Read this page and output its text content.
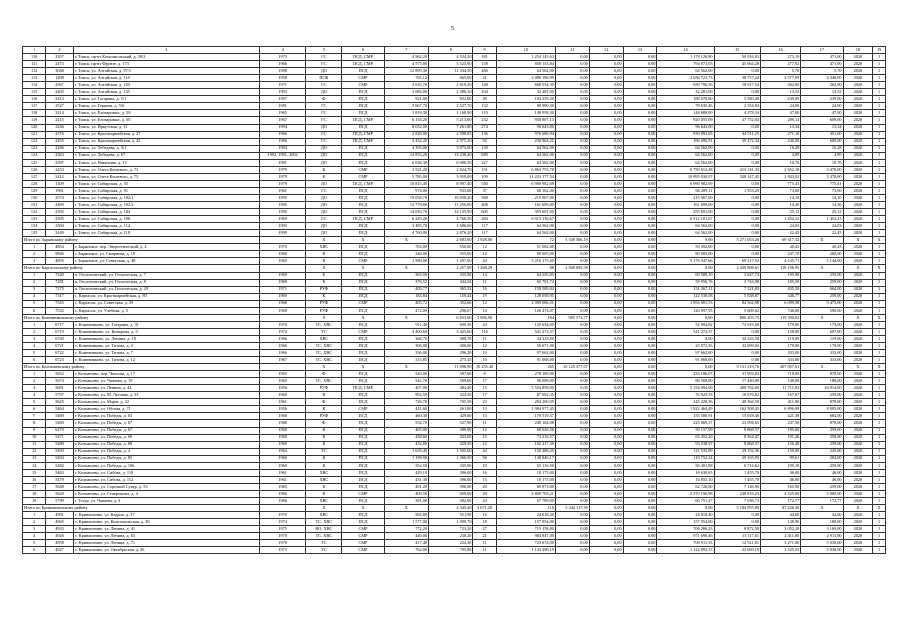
5
1	2	3	4	5	6	7	8	9	10	11	12	13	14	15	16	17	18	19
110	2357	г. Томск, пр-кт Комсомольский, д. 39/2	1973	ГС	ПСД, СМР	4 962,20	4 524,20	181	1 254 145,63	0,00	0,00	0,00	1 178 126,80	50 016,83	273,19	471,00	2020	1
111	2473	г. Томск, пр-кт Фрунзе, д. 173	1966	ГС	ПСД, СМР	4 575,00	3 525,90	158	858 153,84	0,00	0,00	0,00	794 873,05	45 664,28	277,92	471,00	2020	1
112	3048	г. Томск, ул. Алтайская, д. 97/1	1998	ДО	ПСД	12 899,30	11 334,50	466	64 562,00	0,00	0,00	0,00	64 562,00	0,00	5,70	5,70	2020	1
113	1498	г. Томск, ул. Алтайская, д. 114	1958	ПОК	СМР	765,12	665,00	21	2 086 196,99	0,00	0,00	0,00	2 036 723,73	38 757,24	3 577,09	4 346,00	2020	1
114	2567	г. Томск, ул. Алтайская, д. 120	1971	ГС	СМР	3 633,70	2 819,30	148	668 554,30	0,00	0,00	0,00	659 796,56	18 917,54	262,00	262,00	2020	1
115	2405	г. Томск, ул. Алтайская, д. 135	1993	ДО	ПСД	3 084,00	2 386,10	104	32 281,00	0,00	0,00	0,00	32 281,00	0,00	13,52	13,52	2020	1
116	2413	г. Томск, ул. Гагарина, д. 5/1	1907	Ф	ПСД	921,00	832,00	49	194 259,20	0,00	0,00	0,00	188 678,80	5 580,40	239,00	239,00	2020	1
117	2527	г. Томск, ул. Герцена, д. 5/6	1981	ГС	ПСД	3 667,70	2 527,70	132	80 990,30	0,00	0,00	0,00	78 635,46	2 354,84	24,00	24,00	2020	1
118	2414	г. Томск, ул. Елизаровых, д. 58	1965	ГС	ПСД	1 819,30	1 168,90	110	148 958,30	0,00	0,00	0,00	144 680,00	4 278,34	47,00	47,00	2020	1
119	2415	г. Томск, ул. Елизаровых, д. 60	1967	ГС	ПСД, СМР	6 154,20	5 213,00	232	958 807,13	0,00	0,00	0,00	920 055,09	37 752,04	289,12	609,00	2020	1
120	2246	г. Томск, ул. Иркутская, д. 11	1994	ДО	ПСД	8 052,00	7 261,80	274	96 643,00	0,00	0,00	0,00	96 643,00	0,00	13,34	13,34	2020	1
121	2376	г. Томск, ул. Красноармейская, д. 27	1966	ГС	ПСД, СМР	2 820,00	2 598,95	136	976 686,94	0,00	0,00	0,00	930 093,65	44 511,25	271,10	451,00	2020	1
122	2455	г. Томск, ул. Красноармейская, д. 45	1966	ГС	ПСД, СМР	3 432,20	2 975,30	92	236 964,25	0,00	0,00	0,00	196 696,91	39 472,34	246,00	609,00	2020	1
123	2266	г. Томск, ул. Лебедева, д. 3/1	1994	ДО	ПСД	4 395,00	3 975,00	130	64 562,00	0,00	0,00	0,00	64 562,00	0,00	16,28	16,28	2020	1
124	2363	г. Томск, ул. Лебедева, д. 67	1992, 1991, 2002	ДО	ПСД	14 853,20	13 238,40	689	64 562,00	0,00	0,00	0,00	64 562,00	0,00	4,89	4,89	2020	1
125	2397	г. Томск, ул. Никитина, д. 13	1991	ДО	ПСД	6 636,30	6 000,50	227	64 562,00	0,00	0,00	0,00	64 562,00	0,00	10,76	10,76	2020	1
126	2453	г. Томск, ул. Олега Кошевого, д. 73	1979	К	СМР	3 521,20	2 624,70	151	6 863 753,78	0,00	0,00	0,00	6 750 612,48	213 141,33	2 652,18	3 478,00	2020	1
127	2412	г. Томск, ул. Олега Кошевого, д. 75	1979	К	СМР	5 785,00	3 950,00	109	11 223 177,54	0,00	0,00	0,00	10 895 030,07	328 147,45	2 843,02	3 478,00	2020	1
128	1309	г. Томск, ул. Сибирская, д. 55	1979	ДО	ПСД, СМР	10 815,40	8 997,40	540	6 990 982,69	0,00	0,00	0,00	6 990 982,69	0,00	775,41	775,41	2020	1
129	1961	г. Томск, ул. Сибирская, д. 91	1961	ГС	ПСД	974,00	933,60	37	68 162,40	0,00	0,00	0,00	66 209,11	1 953,29	73,00	73,00	2020	1
130	2574	г. Томск, ул. Сибирская, д. 102/1	1995	ДО	ПСД	19 058,70	16 038,20	568	215 967,00	0,00	0,00	0,00	215 967,00	0,00	14,10	14,10	2020	1
131	2469	г. Томск, ул. Сибирская, д. 102/2	1995	ДО	ПСД	13 778,80	11 256,80	408	161 699,00	0,00	0,00	0,00	161 699,00	0,00	14,36	14,36	2020	1
132	2392	г. Томск, ул. Сибирская, д. 104	1995	ДО	ПСД	14 033,70	14 135,90	605	355 691,00	0,00	0,00	0,00	355 691,00	0,00	25,12	25,12	2020	1
133	2395	г. Томск, ул. Сибирская, д. 106	1969	ГС	ПСД, СМР	6 245,20	4 760,50	284	6 913 136,67	0,00	0,00	0,00	6 912 101,67	0,00	1 452,23	1 452,23	2020	1
134	2394	г. Томск, ул. Сибирская, д. 114	1993	ДО	ПСД	3 485,70	2 686,60	117	64 562,00	0,00	0,00	0,00	64 562,00	0,00	24,03	24,03	2020	1
135	2449	г. Томск, ул. Сибирская, д. 118	1999	ДО	ПСД	4 760,00	2 876,20	117	64 562,00	0,00	0,00	0,00	64 562,00	0,00	22,45	22,45	2020	1
Итого по Зырянскому району				X	X	X	2 683,00	1 928,00	72	5 349 566,19	0,00	0,00	0,00	5 271 053,26	69 317,52	X	X	X
1	4854	г. Зырянское, пер. Энергетический, д. 4	1970	ХВС	ПСД	763,00	550,00	12	51 082,00	0,00	0,00	0,00	50 392,00	0,00	40,43	40,43	2020	1
2	9846	г. Зырянское, ул. Смирнова, д. 19	1960	К	ПСД	340,00	355,00	12	80 005,00	0,00	0,00	0,00	80 005,00	0,00	247,70	260,00	2020	1
3	4855	г. Зырянское, ул. Советская, д. 48	1965	К	СМР	1 580,00	1 207,00	44	5 216 175,40	0,00	0,00	0,00	5 176 947,66	69 317,52	4 145,71	5 144,00	2020	1
Итого по Каргасокскому району				X	X	X	2 257,09	1 268,29	88	2 500 095,59	0,00	0,00	0,00	2 439 808,61	118 196,95	X	X	X
1	7240	п. Геологический, ул. Геолоческая, д. 7	1969	Б	ПСД	363,50	335,90	14	64 556,83	0,00	0,00	0,00	60 589,10	3 647,73	195,98	259,00	2020	1
2	7281	п. Геологический, ул. Геолоческая, д. 8	1969	К	ПСД	376,52	344,54	11	65 701,74	0,00	0,00	0,00	59 956,76	3 744,98	185,50	259,00	2020	1
3	7275	п. Геологический, ул. Геолоческая, д. 29	1971	РУФ	ПСД	405,77	365,52	16	158 589,94	0,00	0,00	0,00	151 267,11	7 121,83	435,50	664,00	2020	1
4	7317	с. Каргасок, ул. Красноармейская, д. 80	1969	К	ПСД	183,84	159,44	19	128 058,95	0,00	0,00	0,00	122 530,08	5 638,87	346,77	259,00	2020	1
5	7545	с. Каргасок, ул. Советская, д. 29	1968	РУФ	СМР	405,72	352,66	12	2 009 066,51	0,00	0,00	0,00	1 954 081,53	84 562,98	6 099,58	9 475,00	2020	1
6	7532	с. Каргасок, ул. Учебная, д. 5	1969	РУФ	ПСД	472,09	296,67	14	126 474,07	0,00	0,00	0,00	120 997,95	5 609,02	746,00	590,00	2020	1
Итого по Кожевниковскому району				X	X	X	6 653,60	5 886,90	184	985 573,77	0,00	0,00	0,00	866 203,75	119 390,02	X	X	X
1	6717	с. Кожевниково, ул. Гагарина, д. 31	1970	ТС, ХВС	ПСД	911,40	699,50	24	125 634,00	0,00	0,00	0,00	52 994,82	72 619,60	179,00	179,00	2020	1
2	6719	с. Кожевниково, ул. Комарова, д. 9	1972	ТС	СМР	4 400,60	3 425,60	116	541 273,37	0,00	0,00	0,00	541 273,37	0,00	158,00	607,00	2020	1
3	6740	с. Кожевниково, ул. Ленина, д. 18	1966	ХВС	ПСД	368,70	388,70	11	34 333,50	0,00	0,00	0,00	0,00	34 333,50	119,00	119,00	2020	1
4	6721	с. Кожевниково, ул. Титова, д. 4	1966	ТС, ХВС	ПСД	306,90	306,60	12	56 671,00	0,00	0,00	0,00	23 972,36	32 699,04	179,00	179,00	2020	1
5	6722	с. Кожевниково, ул. Титова, д. 7	1966	ТС, ХВС	ПСД	336,00	296,20	12	97 662,00	0,00	0,00	0,00	97 662,00	0,00	333,00	333,00	2020	1
6	6723	с. Кожевниково, ул. Титова, д. 12	1967	ТС, ХВС	ПСД	315,85	275,35	10	91 068,00	0,00	0,00	0,00	91 068,00	0,00	333,00	333,00	2020	1
Итого по Колпашевскому району				X	X	X	11 096,90	10 255,40	265	10 125 377,67	0,00	0,00	0,00	9 131 319,76	407 057,61	X	X	X
1	5652	г. Колпашево, пер. Чкалова, д. 17	1965	Ф	ПСД	540,00	587,60	8	278 180,00	0,00	0,00	0,00	233 186,07	31 994,83	718,00	878,00	2020	1
2	5674	г. Колпашево, ул. Чапаева, д. 19	1965	ТС, ХВС	ПСД	542,70	509,60	17	96 008,00	0,00	0,00	0,00	88 568,00	17 440,00	146,00	188,00	2020	1
3	5691	г. Колпашево, ул. Ленина, д. 44	1956	РУФ	ПСД, СМР	407,00	484,40	15	5 554 858,00	0,00	0,00	0,00	5 154 094,00	400 764,00	11 711,82	16 914,00	2020	1
4	5797	г. Колпашево, ул. М. Луговая, д. 33	1960	К	ПСД	992,50	524,50	17	87 092,35	0,00	0,00	0,00	76 925,55	10 676,82	167,67	259,00	2020	1
5	5625	г. Колпашево, ул. Марат, д. 22	1961	Ф	ПСД	726,70	705,50	23	294 200,09	0,00	0,00	0,00	245 228,56	48 364,50	411,90	878,00	2020	1
6	5464	г. Колпашево, ул. Обская, д. 71	1956	К	СМР	441,60	261,80	13	1 984 977,45	0,00	0,00	0,00	1 822 464,49	162 508,45	6 896,99	8 005,00	2020	1
7	5469	г. Колпашево, ул. Победы, д. 63	1968	РУФ	ПСД	460,30	429,60	13	170 519,37	0,00	0,00	0,00	155 500,91	15 018,46	421,38	664,00	2020	1
8	5469	г. Колпашево, ул. Победы, д. 67	1968	Ф	ПСД	554,70	527,90	11	248 164,08	0,00	0,00	0,00	225 069,37	23 094,65	247,50	878,00	2020	1
9	6470	г. Колпашево, ул. Победы, д. 67	1968	К	ПСД	405,00	389,00	12	68 026,56	0,00	0,00	0,00	59 157,99	8 868,57	185,00	259,00	2020	1
10	5471	г. Колпашево, ул. Победы, д. 69	1968	К	ПСД	458,60	433,00	15	73 216,57	0,00	0,00	0,00	65 452,20	8 564,47	191,26	259,00	2020	1
11	5489	г. Колпашево, ул. Победы, д. 80	1960	К	ПСД	432,80	429,50	12	102 217,30	0,00	0,00	0,00	93 538,97	8 868,57	156,48	259,00	2020	1
12	5493	г. Колпашево, ул. Победы, д. 4	1964	ТС	ПСД	1 635,40	1 505,60	44	150 488,25	0,00	0,00	0,00	121 535,89	29 152,36	150,00	245,00	2020	1
13	5494	г. Колпашево, ул. Победы, д. 85	1966	К	ПСД	1 198,90	1 366,50	56	140 846,17	0,00	0,00	0,00	119 752,24	29 165,95	99,61	284,00	2020	1
14	5482	г. Колпашево, ул. Победы, д. 106	1960	К	ПСД	354,50	335,00	10	65 116,50	0,00	0,00	0,00	56 401,88	6 714,62	195,10	259,00	2020	1
15	5463	г. Колпашево, ул. Сибова, д. 110	1961	ХВС	ПСД	429,10	396,00	16	18 175,00	0,00	0,00	0,00	16 630,65	1 455,70	46,00	46,00	2020	1
16	5479	г. Колпашево, ул. Сибова, д. 112	1961	ХВС	ПСД	431,30	396,00	15	18 175,00	0,00	0,00	0,00	16 855,10	1 455,70	46,00	46,00	2020	1
17	5648	г. Колпашево, ул. Сорочкой Сувер, д. 53	1965	К	ПСД	491,20	396,00	20	69 873,00	0,00	0,00	0,00	62 726,00	7 146,96	165,90	259,00	2020	1
18	5620	г. Колпашево, ул. Ставрошева, д. 4	1966	К	СМР	409,50	609,00	29	2 809 703,21	0,00	0,00	0,00	2 570 196,98	238 816,23	4 525,00	5 000,00	2020	1
19	5799	г. Тогур, ул. Чапаева, д. 4	1966	ХВС	ПСД	391,00	382,00	24	67 789,00	0,00	0,00	0,00	60 751,27	7 036,73	172,77	172,77	2020	1
Итого по Кривошеинскому району				X	X	X	4 345,40	3 671,20	118	5 342 117,39	0,00	0,00	0,00	5 184 955,80	87 226,50	X	X	X
1	4991	с. Кривошеино, ул. Кедров, д. 37	1970	ХВС	ПСД	565,80	551,90	16	24 618,40	0,00	0,00	0,00	24 618,40	0,00	44,60	44,60	2020	1
2	4965	с. Кривошеино, ул. Комсомольская, д. 49	1974	ТС, ХВС	ПСД	1 577,00	1 099,70	18	157 954,00	0,00	0,00	0,00	157 954,00	0,00	148,90	180,00	2020	1
3	4933	с. Кривошеино, ул. Ленина, д. 41	1975	ВО, ХВС	СМР	772,20	723,20	27	715 158,80	0,00	0,00	0,00	706 286,23	8 872,58	3 052,20	3 169,00	2020	1
4	4926	с. Кривошеино, ул. Ленина, д. 63	1970	ТС, ХВС	СМР	440,00	238,20	21	984 847,00	0,00	0,00	0,00	971 690,46	13 117,61	2 411,00	2 911,00	2020	1
5	4958	с. Кривошеино, ул. Ленина, д. 71	1970	ТС	СМР	417,40	224,30	11	723 674,00	0,00	0,00	0,00	700 911,33	12 521,81	3 271,00	5 030,00	2020	1
6	4927	с. Кривошеино, ул. Октябрьская, д. 26	1973	ТС	СМР	762,00	705,80	11	1 143 496,19	0,00	0,00	0,00	1 122 893,37	22 669,19	1 525,55	5 030,00	2020	1
